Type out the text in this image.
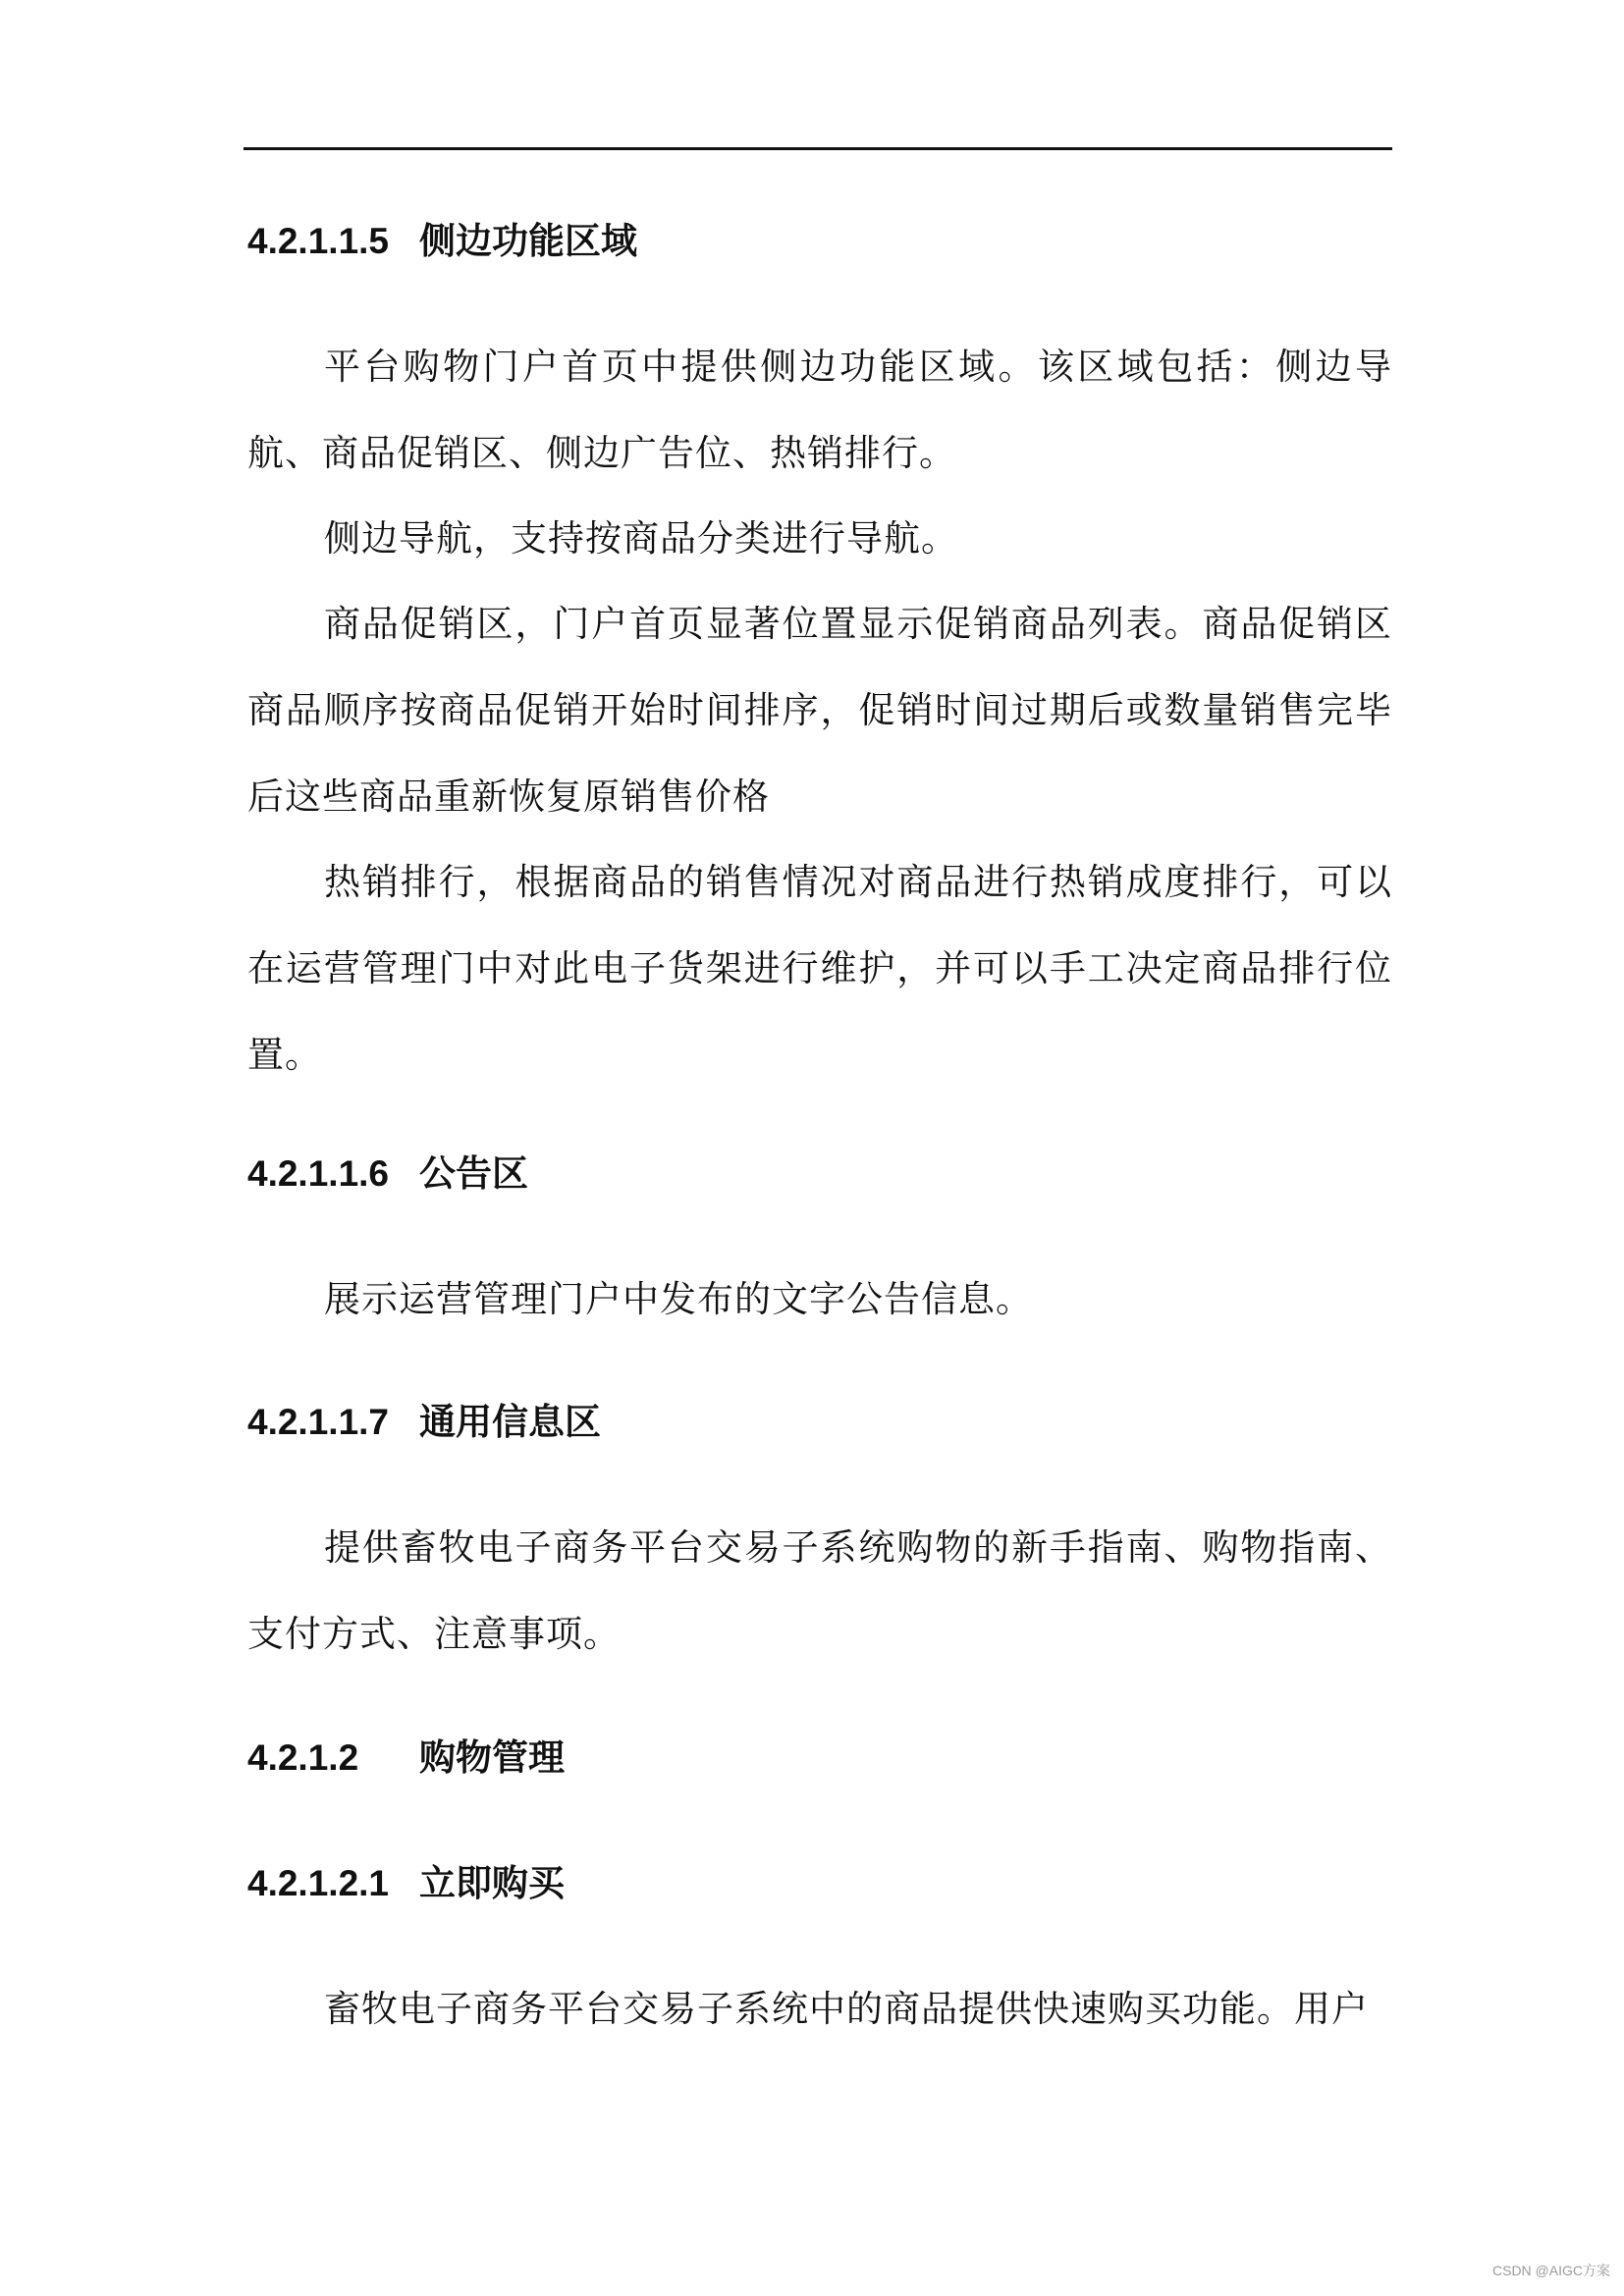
4.2.1.1.5 侧边功能区域

平台购物门户首页中提供侧边功能区域。该区域包括：侧边导航、商品促销区、侧边广告位、热销排行。

侧边导航，支持按商品分类进行导航。

商品促销区，门户首页显著位置显示促销商品列表。商品促销区商品顺序按商品促销开始时间排序，促销时间过期后或数量销售完毕后这些商品重新恢复原销售价格

热销排行，根据商品的销售情况对商品进行热销成度排行，可以在运营管理门中对此电子货架进行维护，并可以手工决定商品排行位置。

4.2.1.1.6 公告区

展示运营管理门户中发布的文字公告信息。

4.2.1.1.7 通用信息区

提供畜牧电子商务平台交易子系统购物的新手指南、购物指南、支付方式、注意事项。

4.2.1.2 购物管理
4.2.1.2.1 立即购买

畜牧电子商务平台交易子系统中的商品提供快速购买功能。用户

CSDN @AIGC方案
